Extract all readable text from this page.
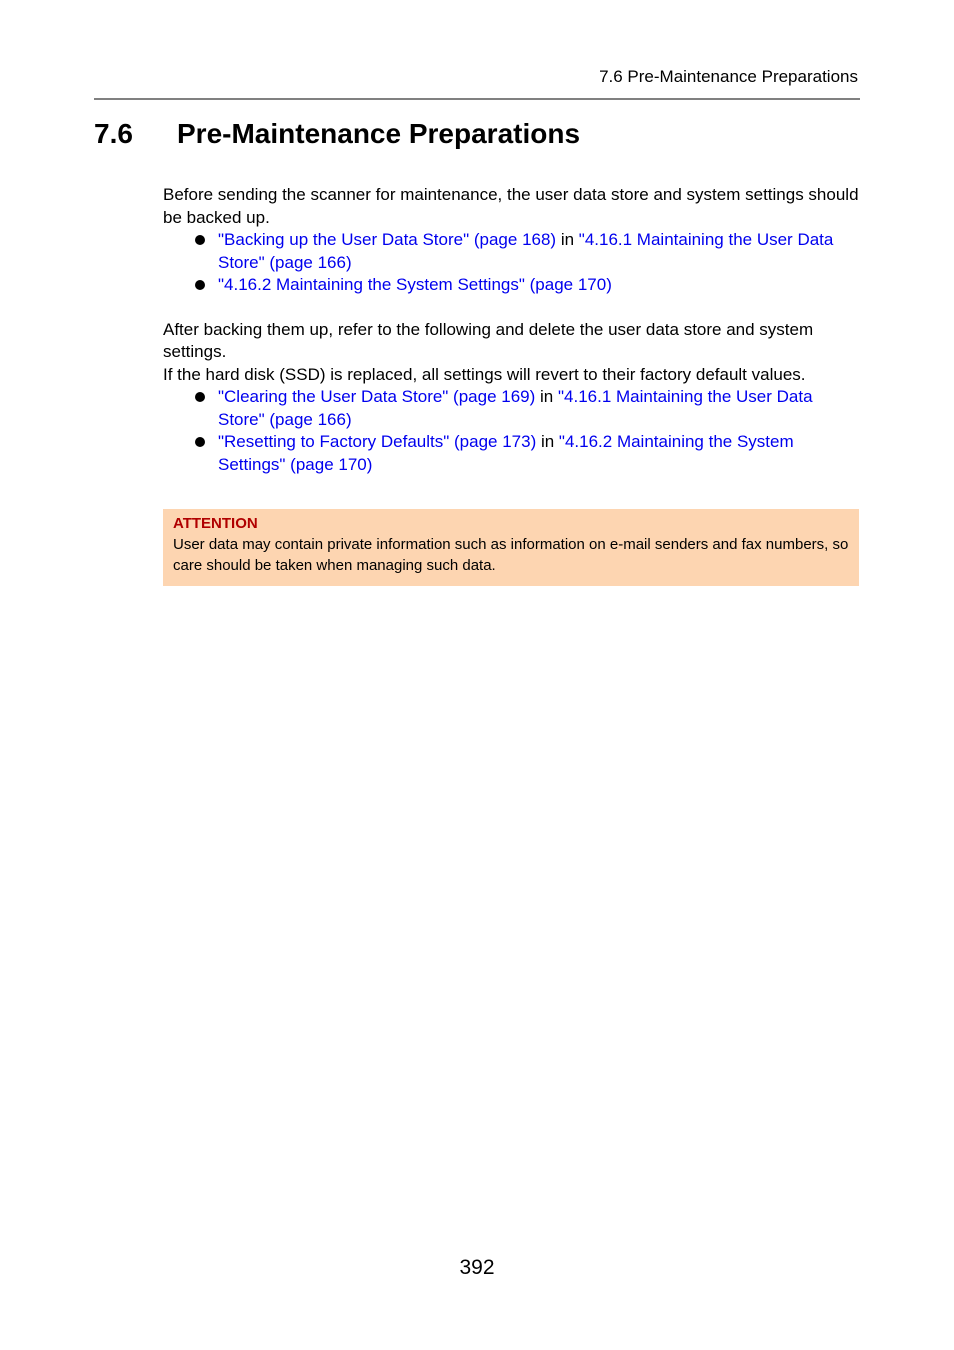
7.6 Pre-Maintenance Preparations
7.6 Pre-Maintenance Preparations

Before sending the scanner for maintenance, the user data store and system settings should be backed up.

"Backing up the User Data Store" (page 168) in "4.16.1 Maintaining the User Data Store" (page 166)
"4.16.2 Maintaining the System Settings" (page 170)

After backing them up, refer to the following and delete the user data store and system settings.

If the hard disk (SSD) is replaced, all settings will revert to their factory default values.

"Clearing the User Data Store" (page 169) in "4.16.1 Maintaining the User Data Store" (page 166)
"Resetting to Factory Defaults" (page 173) in "4.16.2 Maintaining the System Settings" (page 170)
ATTENTION
User data may contain private information such as information on e-mail senders and fax numbers, so care should be taken when managing such data.
392
